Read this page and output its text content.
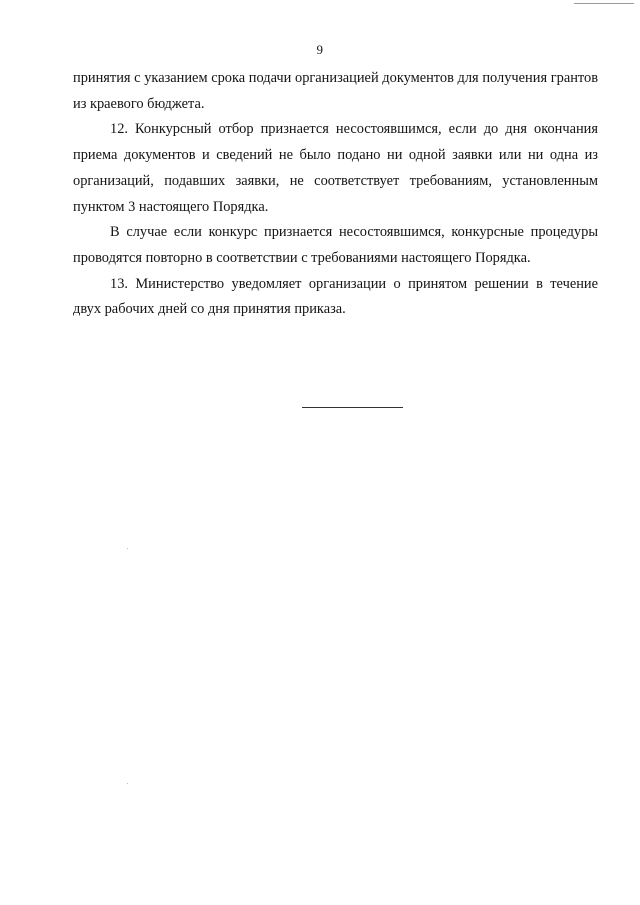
9

принятия с указанием срока подачи организацией документов для получения грантов из краевого бюджета.

12. Конкурсный отбор признается несостоявшимся, если до дня окончания приема документов и сведений не было подано ни одной заявки или ни одна из организаций, подавших заявки, не соответствует требованиям, установленным пунктом 3 настоящего Порядка.

В случае если конкурс признается несостоявшимся, конкурсные процедуры проводятся повторно в соответствии с требованиями настоящего Порядка.

13. Министерство уведомляет организации о принятом решении в течение двух рабочих дней со дня принятия приказа.
